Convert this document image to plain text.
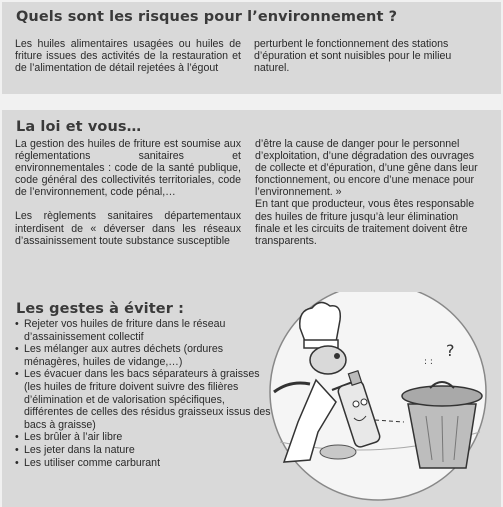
Quels sont les risques pour l’environnement ?

Les huiles alimentaires usagées ou huiles de friture issues des activités de la restauration et de l’alimentation de détail rejetées à l’égout

perturbent le fonctionnement des stations d’épuration et sont nuisibles pour le milieu naturel.

La loi et vous…

La gestion des huiles de friture est soumise aux réglementations sanitaires et environnementales : code de la santé publique, code général des collectivités territoriales, code de l’environnement, code pénal,…

Les règlements sanitaires départementaux interdisent de « déverser dans les réseaux d’assainissement toute substance susceptible

d’être la cause de danger pour le personnel d’exploitation, d’une dégradation des ouvrages de collecte et d’épuration, d’une gêne dans leur fonctionnement, ou encore d’une menace pour l’environnement. »

En tant que producteur, vous êtes responsable des huiles de friture jusqu’à leur élimination finale et les circuits de traitement doivent être transparents.

Les gestes à éviter :
• Rejeter vos huiles de friture dans le réseau d’assainissement collectif
• Les mélanger aux autres déchets (ordures ménagères, huiles de vidange,…)
• Les évacuer dans les bacs séparateurs à graisses (les huiles de friture doivent suivre des filières d’élimination et de valorisation spécifiques, différentes de celles des résidus graisseux issus des bacs à graisse)
• Les brûler à l’air libre
• Les jeter dans la nature
• Les utiliser comme carburant
?
: :
